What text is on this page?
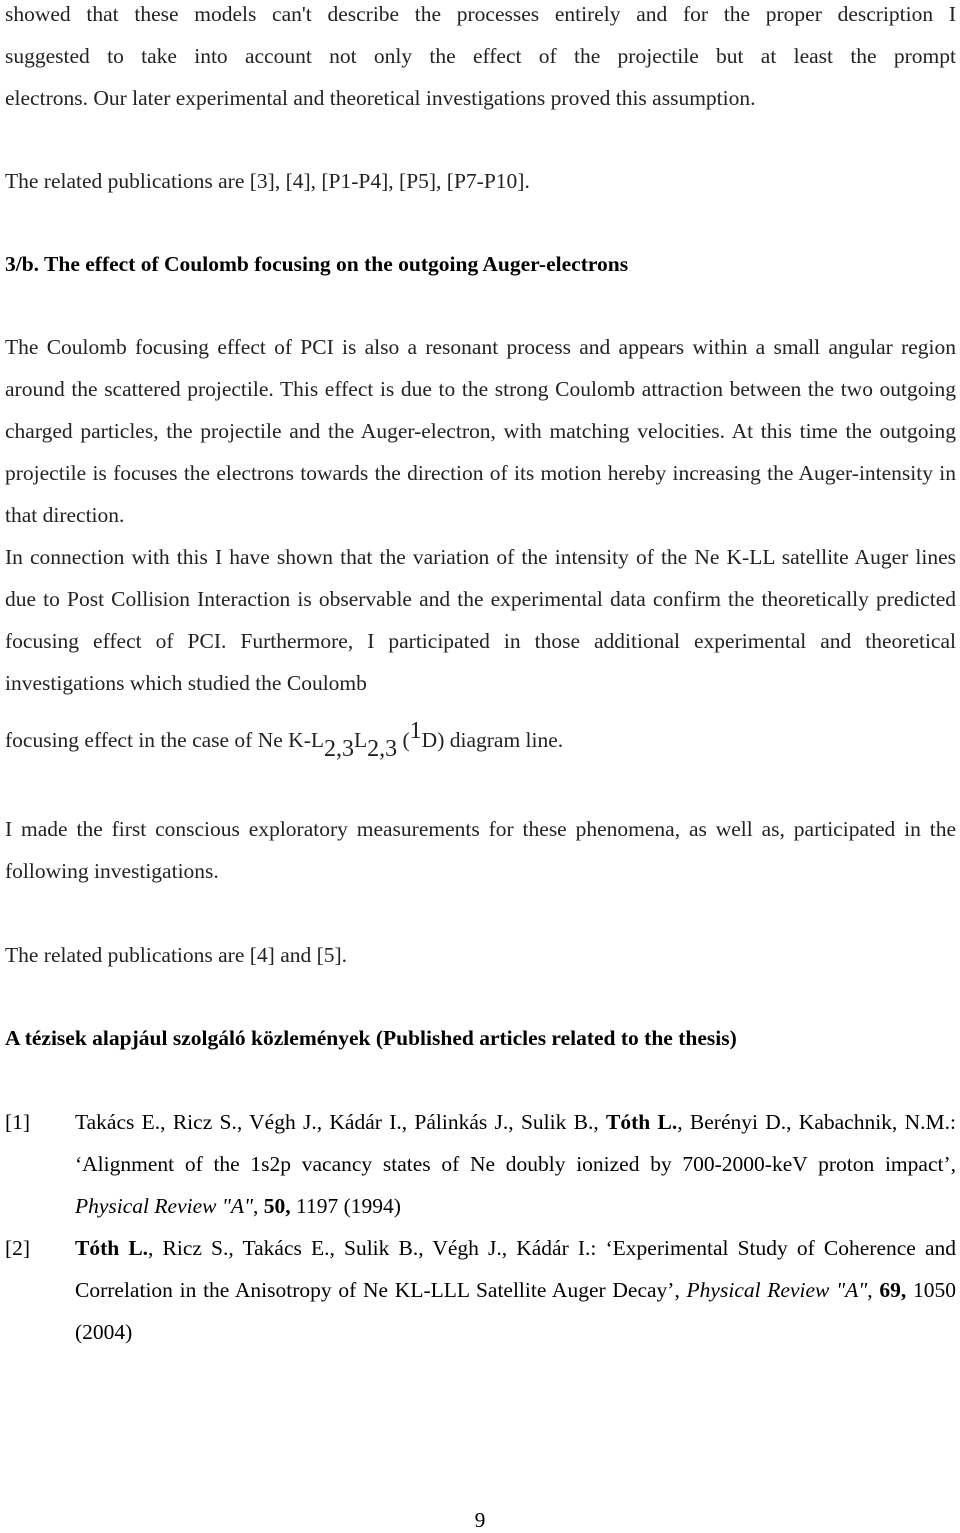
showed that these models can't describe the processes entirely and for the proper description I

suggested to take into account not only the effect of the projectile but at least the prompt

electrons. Our later experimental and theoretical investigations proved this assumption.

The related publications are [3], [4], [P1-P4], [P5], [P7-P10].

3/b. The effect of Coulomb focusing on the outgoing Auger-electrons

The Coulomb focusing effect of PCI is also a resonant process and appears within a small angular region around the scattered projectile. This effect is due to the strong Coulomb attraction between the two outgoing charged particles, the projectile and the Auger-electron, with matching velocities. At this time the outgoing projectile is focuses the electrons towards the direction of its motion hereby increasing the Auger-intensity in that direction.

In connection with this I have shown that the variation of the intensity of the Ne K-LL satellite Auger lines due to Post Collision Interaction is observable and the experimental data confirm the theoretically predicted focusing effect of PCI. Furthermore, I participated in those additional experimental and theoretical investigations which studied the Coulomb

focusing effect in the case of Ne K-L2,3L2,3 (1D) diagram line.

I made the first conscious exploratory measurements for these phenomena, as well as, participated in the following investigations.

The related publications are [4] and [5].

A tézisek alapjául szolgáló közlemények (Published articles related to the thesis)

[1] Takács E., Ricz S., Végh J., Kádár I., Pálinkás J., Sulik B., Tóth L., Berényi D., Kabachnik, N.M.: ‘Alignment of the 1s2p vacancy states of Ne doubly ionized by 700-2000-keV proton impact’, Physical Review "A", 50, 1197 (1994)
[2] Tóth L., Ricz S., Takács E., Sulik B., Végh J., Kádár I.: ‘Experimental Study of Coherence and Correlation in the Anisotropy of Ne KL-LLL Satellite Auger Decay’, Physical Review "A", 69, 1050 (2004)
9
